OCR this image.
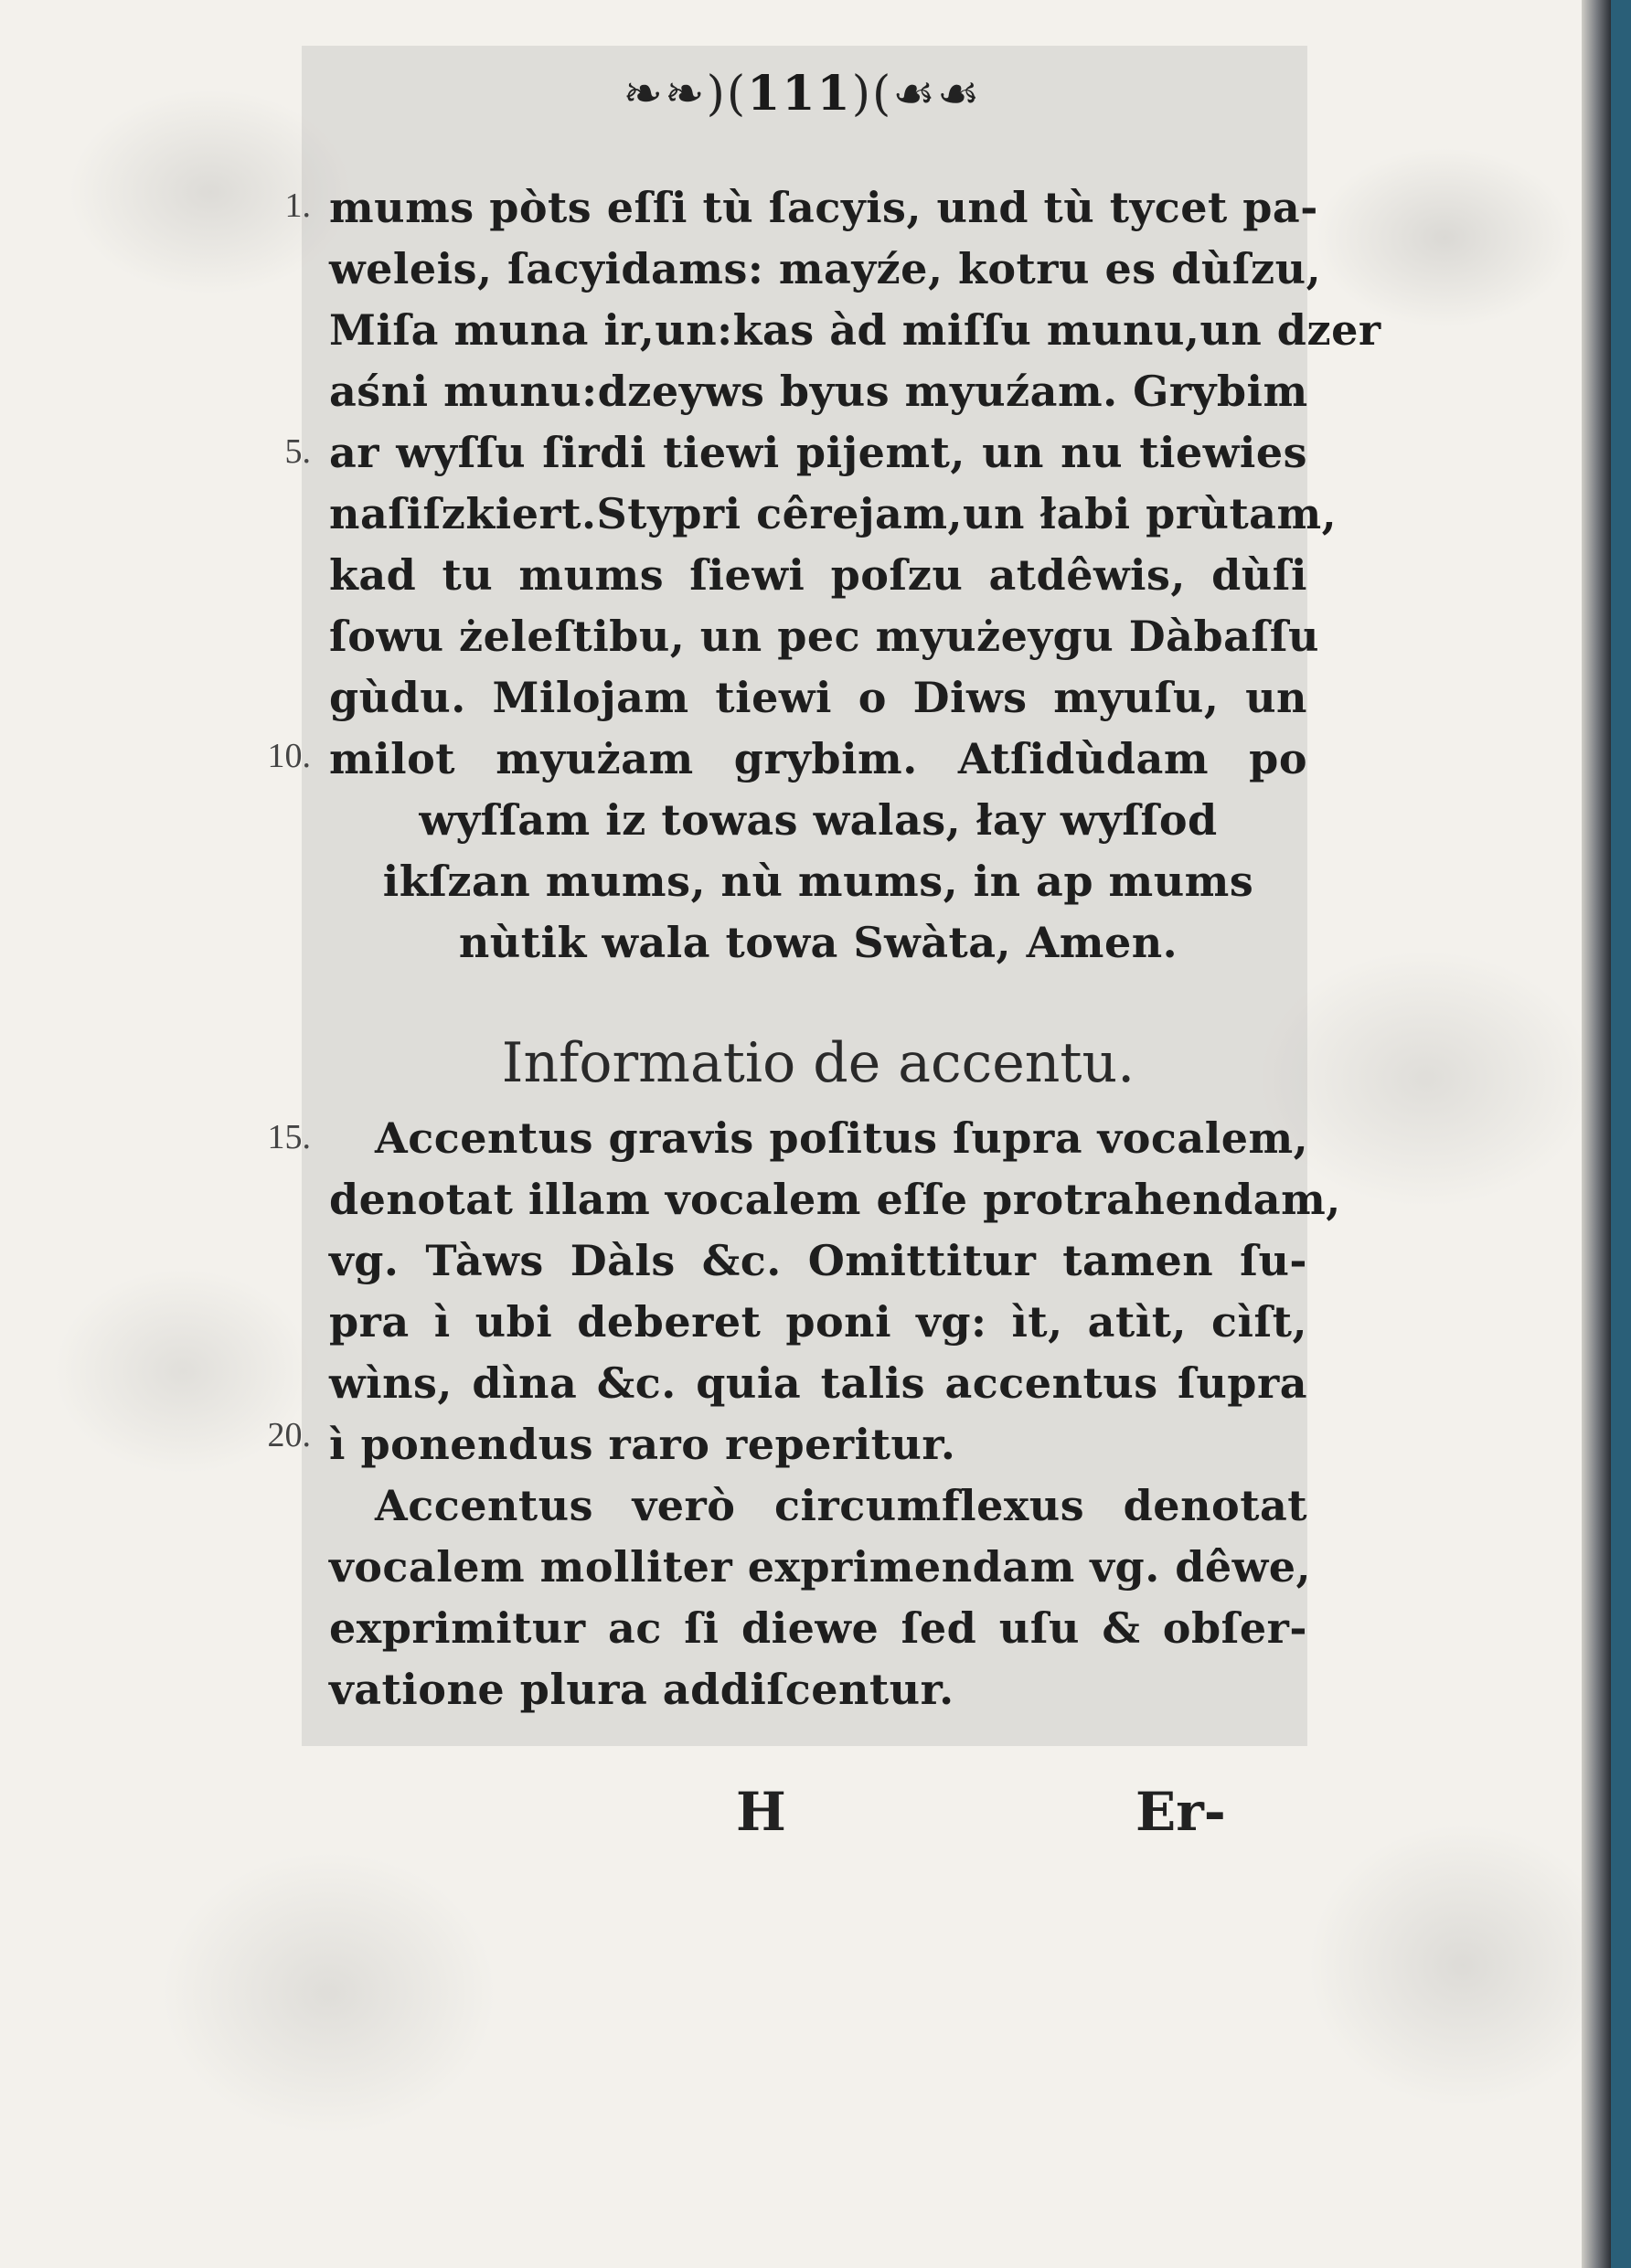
❧❧)(111)(☙☙
1.
5.
10.
15.
20.
mums pòts eſſi tù ſacyis, und tù tycet pa-
weleis, ſacyidams: mayźe, kotru es dùſzu,
Miſa muna ir,un:kas àd miſſu munu,un dzer
aśni munu:dzeyws byus myuźam. Grybim
ar wyſſu ſirdi tiewi pijemt, un nu tiewies
naſiſzkiert.Stypri cêrejam,un łabi prùtam,
kad tu mums ſiewi poſzu atdêwis, dùſi
ſowu żeleſtibu, un pec myużeygu Dàbaſſu
gùdu. Milojam tiewi o Diws myuſu, un
milot myużam grybim. Atſidùdam po
wyſſam iz towas walas, łay wyſſod
ikſzan mums, nù mums, in ap mums
nùtik wala towa Swàta, Amen.
Informatio de accentu.
Accentus gravis poſitus ſupra vocalem,
denotat illam vocalem eſſe protrahendam,
vg. Tàws Dàls &c. Omittitur tamen ſu-
pra ì ubi deberet poni vg: ìt, atìt, cìſt,
wìns, dìna &c. quia talis accentus ſupra
ì ponendus raro reperitur.
Accentus verò circumflexus denotat
vocalem molliter exprimendam vg. dêwe,
exprimitur ac ſi diewe ſed uſu & obſer-
vatione plura addiſcentur.
H	Er-
